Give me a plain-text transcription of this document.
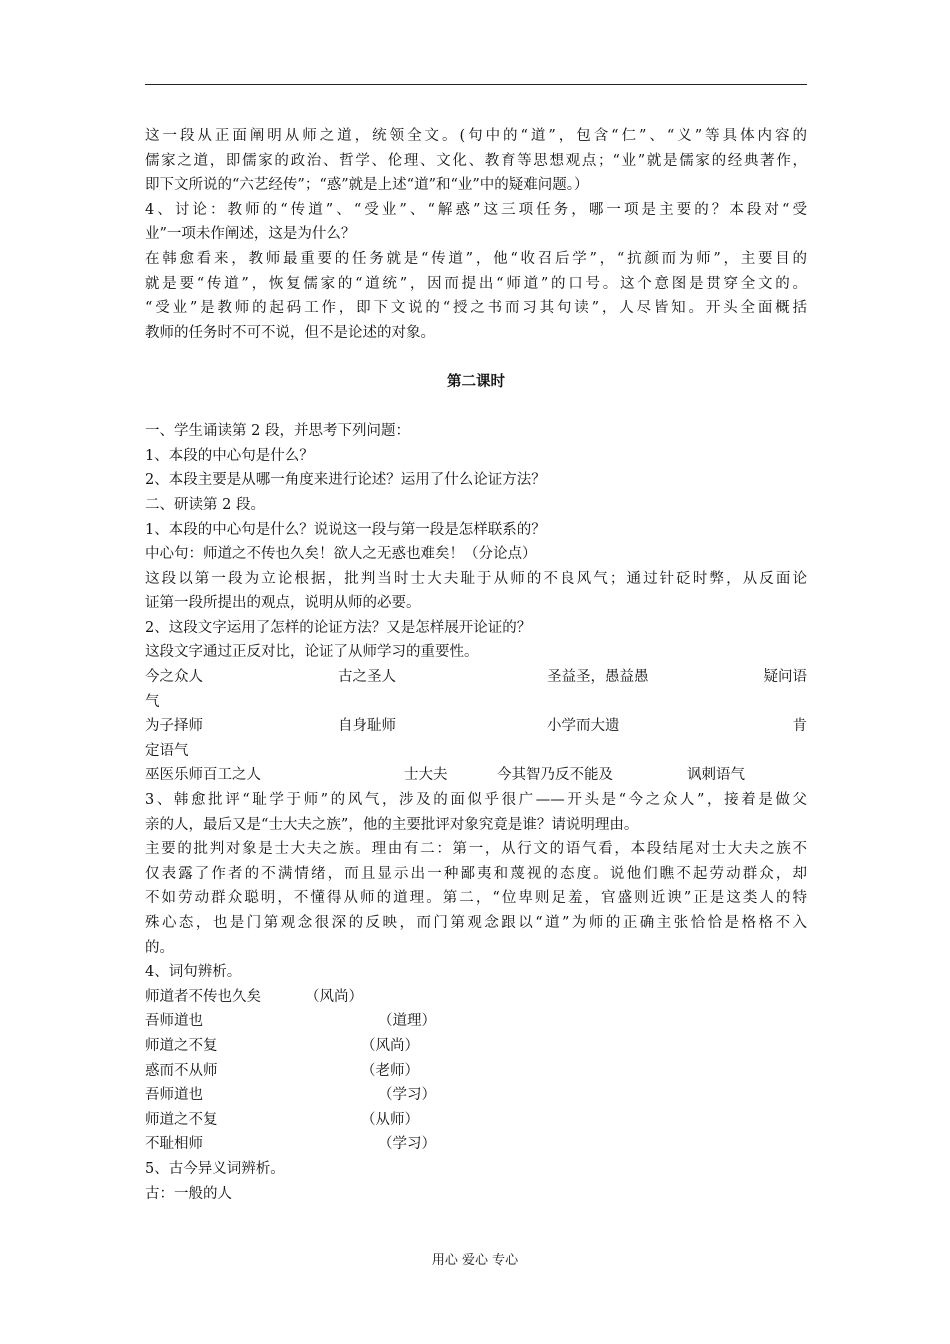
这一段从正面阐明从师之道，统领全文。(句中的“道”，包含“仁”、“义”等具体内容的
儒家之道，即儒家的政治、哲学、伦理、文化、教育等思想观点；“业”就是儒家的经典著作，
即下文所说的“六艺经传”；“惑”就是上述“道”和“业”中的疑难问题。）
4、讨论：教师的“传道”、“受业”、“解惑”这三项任务，哪一项是主要的？本段对“受
业”一项未作阐述，这是为什么？
在韩愈看来，教师最重要的任务就是“传道”，他“收召后学”，“抗颜而为师”，主要目的
就是要“传道”，恢复儒家的“道统”，因而提出“师道”的口号。这个意图是贯穿全文的。
“受业”是教师的起码工作，即下文说的“授之书而习其句读”，人尽皆知。开头全面概括
教师的任务时不可不说，但不是论述的对象。
第二课时
一、学生诵读第 2 段，并思考下列问题：
1、本段的中心句是什么？
2、本段主要是从哪一角度来进行论述？运用了什么论证方法？
二、研读第 2 段。
1、本段的中心句是什么？说说这一段与第一段是怎样联系的？
中心句：师道之不传也久矣！欲人之无惑也难矣！（分论点）
这段以第一段为立论根据，批判当时士大夫耻于从师的不良风气；通过针砭时弊，从反面论
证第一段所提出的观点，说明从师的必要。
2、这段文字运用了怎样的论证方法？又是怎样展开论证的？
这段文字通过正反对比，论证了从师学习的重要性。
今之众人	古之圣人	圣益圣，愚益愚	疑问语
气
为子择师	自身耻师	小学而大遗	肯
定语气
巫医乐师百工之人	士大夫	今其智乃反不能及	讽刺语气
3、韩愈批评“耻学于师”的风气，涉及的面似乎很广——开头是“今之众人”，接着是做父
亲的人，最后又是“士大夫之族”，他的主要批评对象究竟是谁？请说明理由。
主要的批判对象是士大夫之族。理由有二：第一，从行文的语气看，本段结尾对士大夫之族不
仅表露了作者的不满情绪，而且显示出一种鄙夷和蔑视的态度。说他们瞧不起劳动群众，却
不如劳动群众聪明，不懂得从师的道理。第二，“位卑则足羞，官盛则近谀”正是这类人的特
殊心态，也是门第观念很深的反映，而门第观念跟以“道”为师的正确主张恰恰是格格不入
的。
4、词句辨析。
师道者不传也久矣	（风尚）
吾师道也	（道理）
师道之不复	（风尚）
惑而不从师	（老师）
吾师道也	（学习）
师道之不复	（从师）
不耻相师	（学习）
5、古今异义词辨析。
古：一般的人
用心 爱心 专心
